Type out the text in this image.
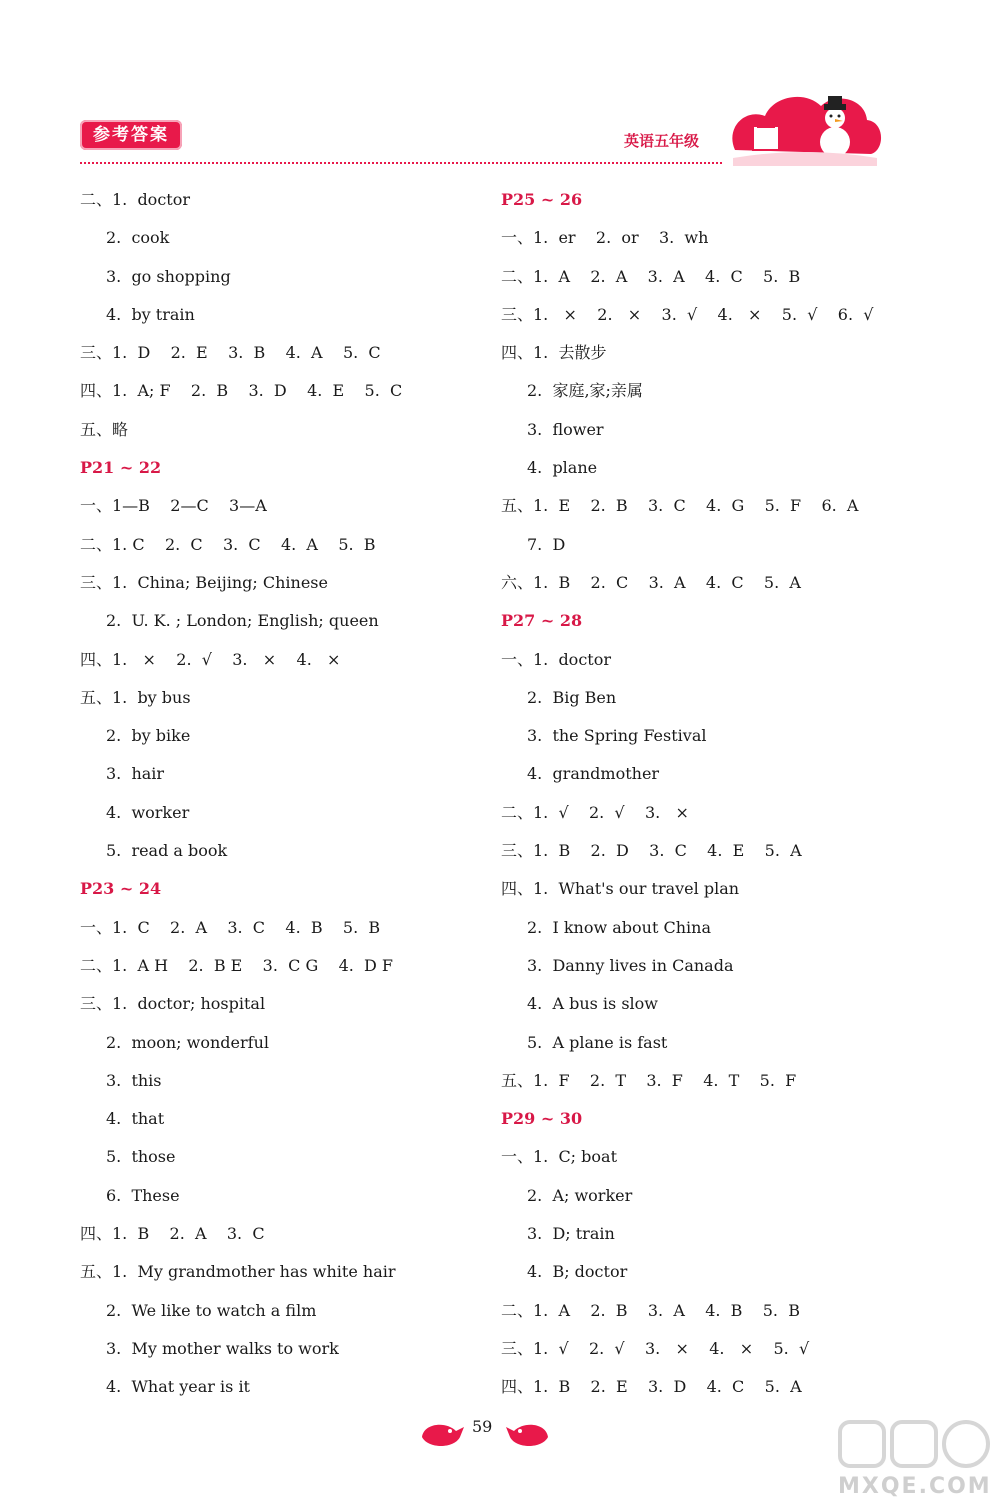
参考答案	英语五年级
二、1.  doctor
2.  cook
3.  go shopping
4.  by train
三、1.  D    2.  E    3.  B    4.  A    5.  C
四、1.  A; F    2.  B    3.  D    4.  E    5.  C
五、略
P21 ~ 22
一、1—B    2—C    3—A
二、1. C    2.  C    3.  C    4.  A    5.  B
三、1.  China; Beijing; Chinese
2.  U. K. ; London; English; queen
四、1.   ×    2.  √    3.   ×    4.   ×
五、1.  by bus
2.  by bike
3.  hair
4.  worker
5.  read a book
P23 ~ 24
一、1.  C    2.  A    3.  C    4.  B    5.  B
二、1.  A H    2.  B E    3.  C G    4.  D F
三、1.  doctor; hospital
2.  moon; wonderful
3.  this
4.  that
5.  those
6.  These
四、1.  B    2.  A    3.  C
五、1.  My grandmother has white hair
2.  We like to watch a film
3.  My mother walks to work
4.  What year is it
P25 ~ 26
一、1.  er    2.  or    3.  wh
二、1.  A    2.  A    3.  A    4.  C    5.  B
三、1.   ×    2.   ×    3.  √    4.   ×    5.  √    6.  √
四、1.  去散步
2.  家庭,家;亲属
3.  flower
4.  plane
五、1.  E    2.  B    3.  C    4.  G    5.  F    6.  A
7.  D
六、1.  B    2.  C    3.  A    4.  C    5.  A
P27 ~ 28
一、1.  doctor
2.  Big Ben
3.  the Spring Festival
4.  grandmother
二、1.  √    2.  √    3.   ×
三、1.  B    2.  D    3.  C    4.  E    5.  A
四、1.  What's our travel plan
2.  I know about China
3.  Danny lives in Canada
4.  A bus is slow
5.  A plane is fast
五、1.  F    2.  T    3.  F    4.  T    5.  F
P29 ~ 30
一、1.  C; boat
2.  A; worker
3.  D; train
4.  B; doctor
二、1.  A    2.  B    3.  A    4.  B    5.  B
三、1.  √    2.  √    3.   ×    4.   ×    5.  √
四、1.  B    2.  E    3.  D    4.  C    5.  A
59
MXQE.COM
